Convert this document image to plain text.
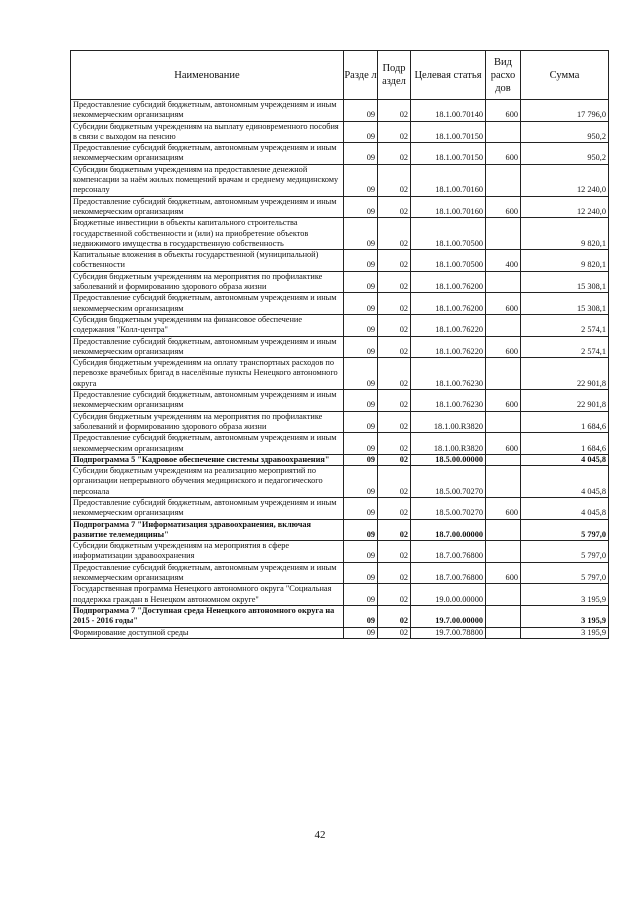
Наименование	Разде л	Подр аздел	Целевая статья	Вид расхо дов	Сумма
Предоставление субсидий бюджетным, автономным учреждениям и иным некоммерческим организациям	09	02	18.1.00.70140	600	17 796,0
Субсидии бюджетным учреждениям на выплату единовременного пособия в связи с выходом на пенсию	09	02	18.1.00.70150		950,2
Предоставление субсидий бюджетным, автономным учреждениям и иным некоммерческим организациям	09	02	18.1.00.70150	600	950,2
Субсидии бюджетным учреждениям на предоставление денежной компенсации за наём жилых помещений врачам и среднему медицинскому персоналу	09	02	18.1.00.70160		12 240,0
Предоставление субсидий бюджетным, автономным учреждениям и иным некоммерческим организациям	09	02	18.1.00.70160	600	12 240,0
Бюджетные инвестиции в объекты капитального строительства государственной собственности и (или) на приобретение объектов недвижимого имущества в государственную собственность	09	02	18.1.00.70500		9 820,1
Капитальные вложения в объекты государственной (муниципальной) собственности	09	02	18.1.00.70500	400	9 820,1
Субсидия бюджетным учреждениям на мероприятия по профилактике заболеваний и формированию здорового образа жизни	09	02	18.1.00.76200		15 308,1
Предоставление субсидий бюджетным, автономным учреждениям и иным некоммерческим организациям	09	02	18.1.00.76200	600	15 308,1
Субсидия бюджетным учреждениям на финансовое обеспечение содержания "Колл-центра"	09	02	18.1.00.76220		2 574,1
Предоставление субсидий бюджетным, автономным учреждениям и иным некоммерческим организациям	09	02	18.1.00.76220	600	2 574,1
Субсидия бюджетным учреждениям на оплату транспортных расходов по перевозке врачебных бригад в населённые пункты Ненецкого автономного округа	09	02	18.1.00.76230		22 901,8
Предоставление субсидий бюджетным, автономным учреждениям и иным некоммерческим организациям	09	02	18.1.00.76230	600	22 901,8
Субсидия бюджетным учреждениям на мероприятия по профилактике заболеваний и формированию здорового образа жизни	09	02	18.1.00.R3820		1 684,6
Предоставление субсидий бюджетным, автономным учреждениям и иным некоммерческим организациям	09	02	18.1.00.R3820	600	1 684,6
Подпрограмма 5 "Кадровое обеспечение системы здравоохранения"	09	02	18.5.00.00000		4 045,8
Субсидии бюджетным учреждениям на реализацию мероприятий по организации непрерывного обучения медицинского и педагогического персонала	09	02	18.5.00.70270		4 045,8
Предоставление субсидий бюджетным, автономным учреждениям и иным некоммерческим организациям	09	02	18.5.00.70270	600	4 045,8
Подпрограмма 7 "Информатизация здравоохранения, включая развитие телемедицины"	09	02	18.7.00.00000		5 797,0
Субсидии бюджетным учреждениям на мероприятия в сфере информатизации здравоохранения	09	02	18.7.00.76800		5 797,0
Предоставление субсидий бюджетным, автономным учреждениям и иным некоммерческим организациям	09	02	18.7.00.76800	600	5 797,0
Государственная программа Ненецкого автономного округа "Социальная поддержка граждан в Ненецком автономном округе"	09	02	19.0.00.00000		3 195,9
Подпрограмма 7 "Доступная среда Ненецкого автономного округа на 2015 - 2016 годы"	09	02	19.7.00.00000		3 195,9
Формирование доступной среды	09	02	19.7.00.78800		3 195,9
42
